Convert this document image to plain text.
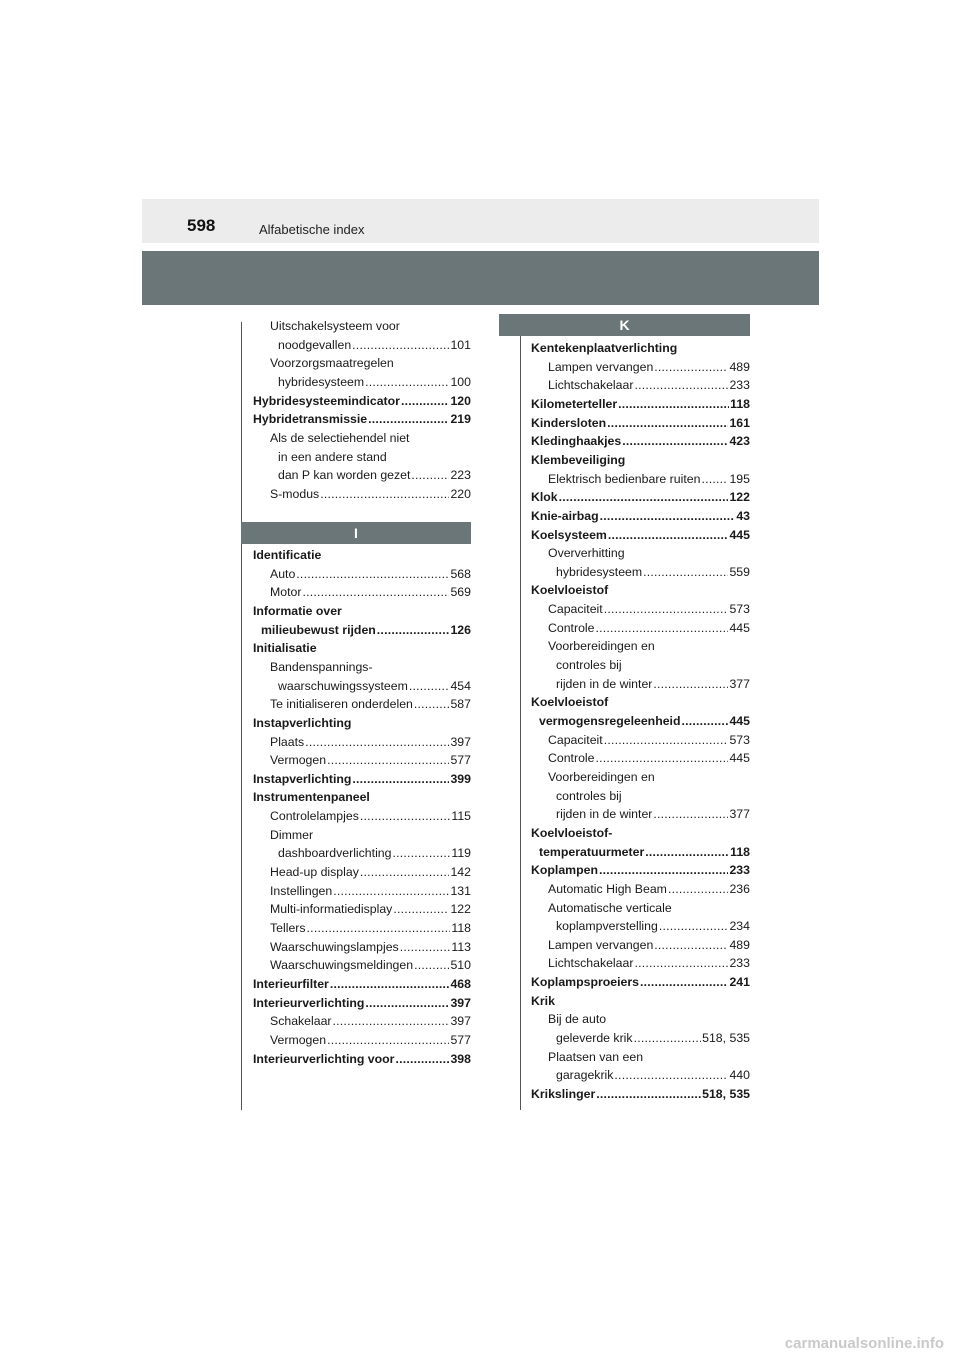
598	Alfabetische index
I
K
Uitschakelsysteem voor
noodgevallen . . .	101
Voorzorgsmaatregelen
hybridesysteem . . .	100
Hybridesysteemindicator . . .	120
Hybridetransmissie . . .	219
Als de selectiehendel niet
in een andere stand
dan P kan worden gezet . . .	223
S-modus . . .	220
Identificatie
Auto . . .	568
Motor . . .	569
Informatie over
milieubewust rijden . . .	126
Initialisatie
Bandenspannings-
waarschuwingssysteem . . .	454
Te initialiseren onderdelen . . .	587
Instapverlichting
Plaats . . .	397
Vermogen . . .	577
Instapverlichting . . .	399
Instrumentenpaneel
Controlelampjes . . .	115
Dimmer
dashboardverlichting . . .	119
Head-up display . . .	142
Instellingen . . .	131
Multi-informatiedisplay . . .	122
Tellers . . .	118
Waarschuwingslampjes . . .	113
Waarschuwingsmeldingen . . .	510
Interieurfilter . . .	468
Interieurverlichting . . .	397
Schakelaar . . .	397
Vermogen . . .	577
Interieurverlichting voor . . .	398
Kentekenplaatverlichting
Lampen vervangen . . .	489
Lichtschakelaar . . .	233
Kilometerteller . . .	118
Kindersloten . . .	161
Kledinghaakjes . . .	423
Klembeveiliging
Elektrisch bedienbare ruiten . . . 195
Klok . . .	122
Knie-airbag . . .	43
Koelsysteem . . .	445
Oververhitting
hybridesysteem . . .	559
Koelvloeistof
Capaciteit . . .	573
Controle . . .	445
Voorbereidingen en
controles bij
rijden in de winter . . .	377
Koelvloeistof
vermogensregeleenheid . . .	445
Capaciteit . . .	573
Controle . . .	445
Voorbereidingen en
controles bij
rijden in de winter . . .	377
Koelvloeistof-
temperatuurmeter . . .	118
Koplampen . . .	233
Automatic High Beam . . .	236
Automatische verticale
koplampverstelling . . .	234
Lampen vervangen . . .	489
Lichtschakelaar . . .	233
Koplampsproeiers . . .	241
Krik
Bij de auto
geleverde krik . . .	518, 535
Plaatsen van een
garagekrik . . .	440
Krikslinger . . .	518, 535
carmanualsonline.info
